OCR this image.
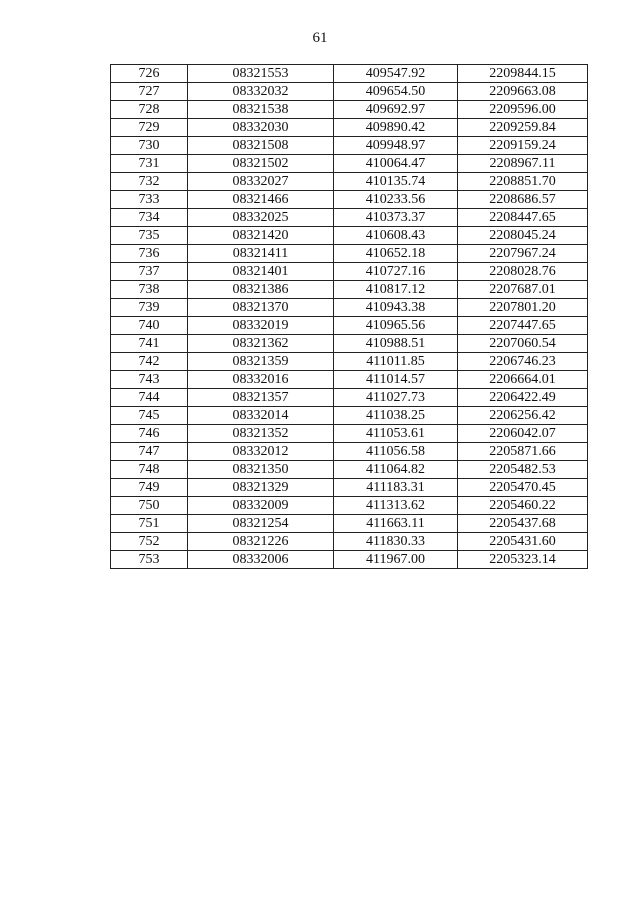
61
726	08321553	409547.92	2209844.15
727	08332032	409654.50	2209663.08
728	08321538	409692.97	2209596.00
729	08332030	409890.42	2209259.84
730	08321508	409948.97	2209159.24
731	08321502	410064.47	2208967.11
732	08332027	410135.74	2208851.70
733	08321466	410233.56	2208686.57
734	08332025	410373.37	2208447.65
735	08321420	410608.43	2208045.24
736	08321411	410652.18	2207967.24
737	08321401	410727.16	2208028.76
738	08321386	410817.12	2207687.01
739	08321370	410943.38	2207801.20
740	08332019	410965.56	2207447.65
741	08321362	410988.51	2207060.54
742	08321359	411011.85	2206746.23
743	08332016	411014.57	2206664.01
744	08321357	411027.73	2206422.49
745	08332014	411038.25	2206256.42
746	08321352	411053.61	2206042.07
747	08332012	411056.58	2205871.66
748	08321350	411064.82	2205482.53
749	08321329	411183.31	2205470.45
750	08332009	411313.62	2205460.22
751	08321254	411663.11	2205437.68
752	08321226	411830.33	2205431.60
753	08332006	411967.00	2205323.14
